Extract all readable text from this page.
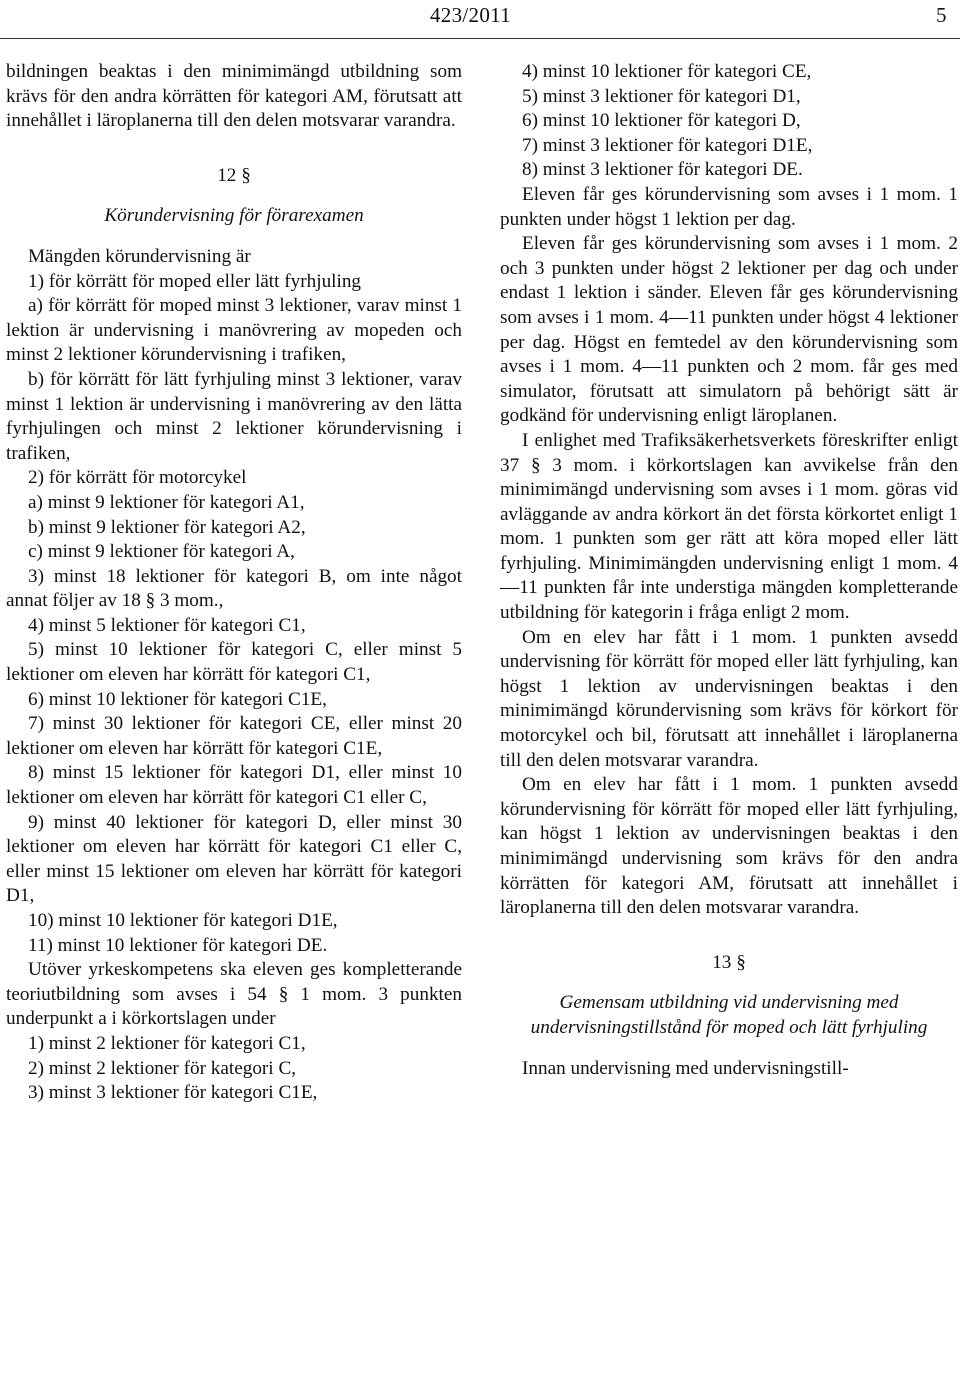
423/2011	5

bildningen beaktas i den minimimängd utbildning som krävs för den andra körrätten för kategori AM, förutsatt att innehållet i läroplanerna till den delen motsvarar varandra.

12 §

Körundervisning för förarexamen

Mängden körundervisning är

1) för körrätt för moped eller lätt fyrhjuling

a) för körrätt för moped minst 3 lektioner, varav minst 1 lektion är undervisning i manövrering av mopeden och minst 2 lektioner körundervisning i trafiken,

b) för körrätt för lätt fyrhjuling minst 3 lektioner, varav minst 1 lektion är undervisning i manövrering av den lätta fyrhjulingen och minst 2 lektioner körundervisning i trafiken,

2) för körrätt för motorcykel

a) minst 9 lektioner för kategori A1,

b) minst 9 lektioner för kategori A2,

c) minst 9 lektioner för kategori A,

3) minst 18 lektioner för kategori B, om inte något annat följer av 18 § 3 mom.,

4) minst 5 lektioner för kategori C1,

5) minst 10 lektioner för kategori C, eller minst 5 lektioner om eleven har körrätt för kategori C1,

6) minst 10 lektioner för kategori C1E,

7) minst 30 lektioner för kategori CE, eller minst 20 lektioner om eleven har körrätt för kategori C1E,

8) minst 15 lektioner för kategori D1, eller minst 10 lektioner om eleven har körrätt för kategori C1 eller C,

9) minst 40 lektioner för kategori D, eller minst 30 lektioner om eleven har körrätt för kategori C1 eller C, eller minst 15 lektioner om eleven har körrätt för kategori D1,

10) minst 10 lektioner för kategori D1E,

11) minst 10 lektioner för kategori DE.

Utöver yrkeskompetens ska eleven ges kompletterande teoriutbildning som avses i 54 § 1 mom. 3 punkten underpunkt a i körkortslagen under

1) minst 2 lektioner för kategori C1,

2) minst 2 lektioner för kategori C,

3) minst 3 lektioner för kategori C1E,

4) minst 10 lektioner för kategori CE,

5) minst 3 lektioner för kategori D1,

6) minst 10 lektioner för kategori D,

7) minst 3 lektioner för kategori D1E,

8) minst 3 lektioner för kategori DE.

Eleven får ges körundervisning som avses i 1 mom. 1 punkten under högst 1 lektion per dag.

Eleven får ges körundervisning som avses i 1 mom. 2 och 3 punkten under högst 2 lektioner per dag och under endast 1 lektion i sänder. Eleven får ges körundervisning som avses i 1 mom. 4—11 punkten under högst 4 lektioner per dag. Högst en femtedel av den körundervisning som avses i 1 mom. 4—11 punkten och 2 mom. får ges med simulator, förutsatt att simulatorn på behörigt sätt är godkänd för undervisning enligt läroplanen.

I enlighet med Trafiksäkerhetsverkets föreskrifter enligt 37 § 3 mom. i körkortslagen kan avvikelse från den minimimängd undervisning som avses i 1 mom. göras vid avläggande av andra körkort än det första körkortet enligt 1 mom. 1 punkten som ger rätt att köra moped eller lätt fyrhjuling. Minimimängden undervisning enligt 1 mom. 4—11 punkten får inte understiga mängden kompletterande utbildning för kategorin i fråga enligt 2 mom.

Om en elev har fått i 1 mom. 1 punkten avsedd undervisning för körrätt för moped eller lätt fyrhjuling, kan högst 1 lektion av undervisningen beaktas i den minimimängd körundervisning som krävs för körkort för motorcykel och bil, förutsatt att innehållet i läroplanerna till den delen motsvarar varandra.

Om en elev har fått i 1 mom. 1 punkten avsedd körundervisning för körrätt för moped eller lätt fyrhjuling, kan högst 1 lektion av undervisningen beaktas i den minimimängd undervisning som krävs för den andra körrätten för kategori AM, förutsatt att innehållet i läroplanerna till den delen motsvarar varandra.

13 §

Gemensam utbildning vid undervisning med undervisningstillstånd för moped och lätt fyrhjuling

Innan undervisning med undervisningstill-
